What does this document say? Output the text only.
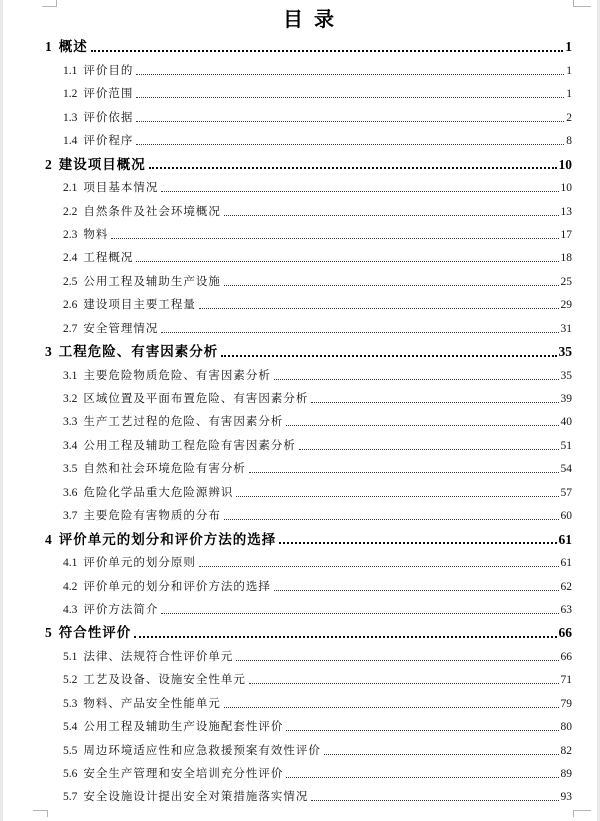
目 录
1 概述	1
1.1 评价目的	1
1.2 评价范围	1
1.3 评价依据	2
1.4 评价程序	8
2 建设项目概况	10
2.1 项目基本情况	10
2.2 自然条件及社会环境概况	13
2.3 物料	17
2.4 工程概况	18
2.5 公用工程及辅助生产设施	25
2.6 建设项目主要工程量	29
2.7 安全管理情况	31
3 工程危险、有害因素分析	35
3.1 主要危险物质危险、有害因素分析	35
3.2 区域位置及平面布置危险、有害因素分析	39
3.3 生产工艺过程的危险、有害因素分析	40
3.4 公用工程及辅助工程危险有害因素分析	51
3.5 自然和社会环境危险有害分析	54
3.6 危险化学品重大危险源辨识	57
3.7 主要危险有害物质的分布	60
4 评价单元的划分和评价方法的选择	61
4.1 评价单元的划分原则	61
4.2 评价单元的划分和评价方法的选择	62
4.3 评价方法简介	63
5 符合性评价	66
5.1 法律、法规符合性评价单元	66
5.2 工艺及设备、设施安全性单元	71
5.3 物料、产品安全性能单元	79
5.4 公用工程及辅助生产设施配套性评价	80
5.5 周边环境适应性和应急救援预案有效性评价	82
5.6 安全生产管理和安全培训充分性评价	89
5.7 安全设施设计提出安全对策措施落实情况	93
